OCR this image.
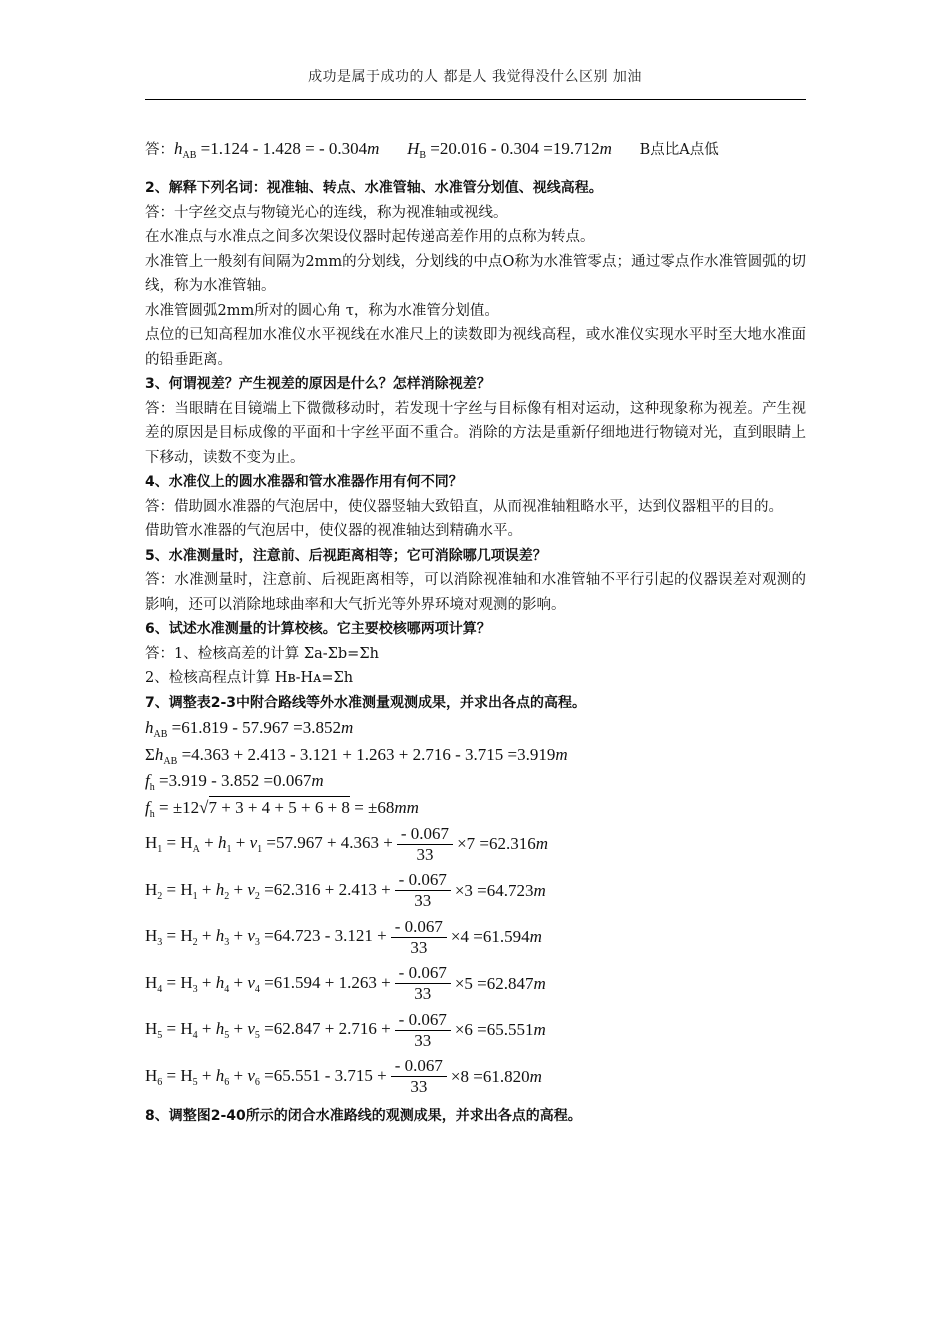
成功是属于成功的人 都是人 我觉得没什么区别 加油
答：$h_{AB} =1.124 - 1.428$ = - 0.304m $H_B =20.016 - 0.304 =19.712m$ B点比A点低
2、解释下列名词：视准轴、转点、水准管轴、水准管分划值、视线高程。
答：十字丝交点与物镜光心的连线，称为视准轴或视线。
在水准点与水准点之间多次架设仪器时起传递高差作用的点称为转点。
水准管上一般刻有间隔为2mm的分划线，分划线的中点O称为水准管零点；通过零点作水准管圆弧的切线，称为水准管轴。
水准管圆弧2mm所对的圆心角 τ，称为水准管分划值。
点位的已知高程加水准仪水平视线在水准尺上的读数即为视线高程，或水准仪实现水平时至大地水准面的铅垂距离。
3、何谓视差？产生视差的原因是什么？怎样消除视差？
答：当眼睛在目镜端上下微微移动时，若发现十字丝与目标像有相对运动，这种现象称为视差。产生视差的原因是目标成像的平面和十字丝平面不重合。消除的方法是重新仔细地进行物镜对光，直到眼睛上下移动，读数不变为止。
4、水准仪上的圆水准器和管水准器作用有何不同？
答：借助圆水准器的气泡居中，使仪器竖轴大致铅直，从而视准轴粗略水平，达到仪器粗平的目的。
借助管水准器的气泡居中，使仪器的视准轴达到精确水平。
5、水准测量时，注意前、后视距离相等；它可消除哪几项误差？
答：水准测量时，注意前、后视距离相等，可以消除视准轴和水准管轴不平行引起的仪器误差对观测的影响，还可以消除地球曲率和大气折光等外界环境对观测的影响。
6、试述水准测量的计算校核。它主要校核哪两项计算？
答：1、检核高差的计算 Σa-Σb=Σh
2、检核高程点计算 Hʙ-Hᴀ=Σh
7、调整表2-3中附合路线等外水准测量观测成果，并求出各点的高程。
$h_{AB} =61.819 - 57.967 =3.852m$
$\Sigma h_{AB} =4.363 + 2.413 - 3.121 + 1.263 + 2.716 - 3.715 =3.919m$
$f_h =3.919 - 3.852 =0.067m$
$f_h = \pm 12√7 + 3 + 4 + 5 + 6 + 8 = \pm 68mm$
$H_1 = H_A + h_1 + v_1 =57.967 + 4.363 + \frac{- 0.067}{33} \times 7 =62.316m$
$H_2 = H_1 + h_2 + v_2 =62.316 + 2.413 + \frac{- 0.067}{33} \times 3 =64.723m$
$H_3 = H_2 + h_3 + v_3 =64.723 - 3.121 + \frac{- 0.067}{33} \times 4 =61.594m$
$H_4 = H_3 + h_4 + v_4 =61.594 + 1.263 + \frac{- 0.067}{33} \times 5 =62.847m$
$H_5 = H_4 + h_5 + v_5 =62.847 + 2.716 + \frac{- 0.067}{33} \times 6 =65.551m$
$H_6 = H_5 + h_6 + v_6 =65.551 - 3.715 + \frac{- 0.067}{33} \times 8 =61.820m$
8、调整图2-40所示的闭合水准路线的观测成果，并求出各点的高程。
